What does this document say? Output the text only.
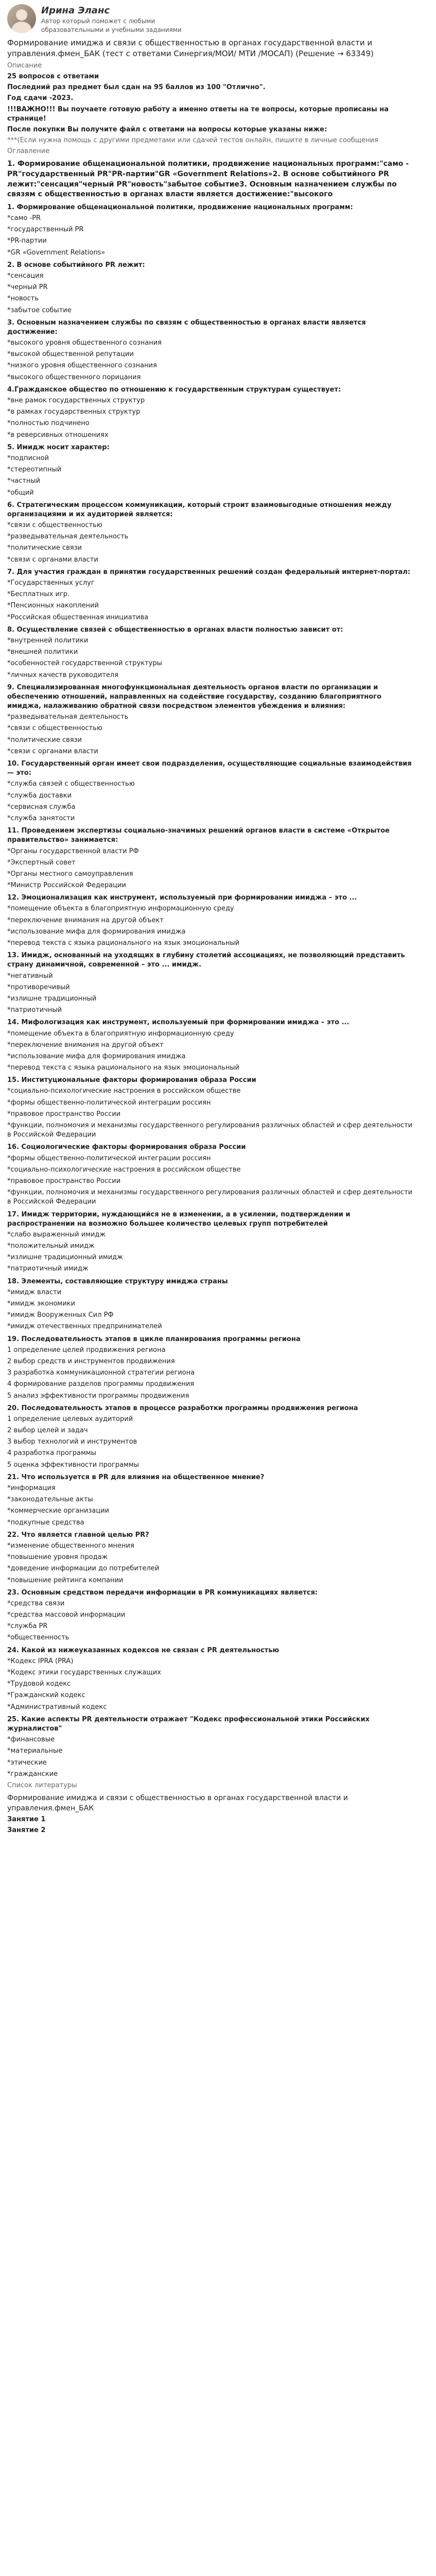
Ирина Эланс
Автор который поможет с любыми образовательными и учебными заданиями
Формирование имиджа и связи с общественностью в органах государственной власти и управления.фмен_БАК (тест с ответами Синергия/МОИ/ МТИ /МОСАП) (Решение → 63349)
Описание
25 вопросов с ответами
Последний раз предмет был сдан на 95 баллов из 100 "Отлично".
Год сдачи -2023.
!!!ВАЖНО!!! Вы поучаете готовую работу а именно ответы на те вопросы, которые прописаны на странице!
После покупки Вы получите файл с ответами на вопросы которые указаны ниже:
***(Если нужна помощь с другими предметами или сдачей тестов онлайн, пишите в личные сообщения
Оглавление
1. Формирование общенациональной политики, продвижение национальных программ:"само -PR"государственный PR"PR-партии"GR «Government Relations»2. В основе событийного PR лежит:"сенсация"черный PR"новость"забытое событие3. Основным назначением службы по связям с общественностью в органах власти является достижение:"высокого
1. Формирование общенациональной политики, продвижение национальных программ:
*само -PR
*государственный PR
*PR-партии
*GR «Government Relations»
2. В основе событийного PR лежит:
*сенсация
*черный PR
*новость
*забытое событие
3. Основным назначением службы по связям с общественностью в органах власти является достижение:
*высокого уровня общественного сознания
*высокой общественной репутации
*низкого уровня общественного сознания
*высокого общественного порицания
4.Гражданское общество по отношению к государственным структурам существует:
*вне рамок государственных структур
*в рамках государственных структур
*полностью подчинено
*в реверсивных отношениях
5. Имидж носит характер:
*подписной
*стереотипный
*частный
*общий
6. Стратегическим процессом коммуникации, который строит взаимовыгодные отношения между организациями и их аудиторией является:
*связи с общественностью
*разведывательная деятельность
*политические связи
*связи с органами власти
7. Для участия граждан в принятии государственных решений создан федеральный интернет-портал:
*Государственных услуг
*Бесплатных игр.
*Пенсионных накоплений
*Российская общественная инициатива
8. Осуществление связей с общественностью в органах власти полностью зависит от:
*внутренней политики
*внешней политики
*особенностей государственной структуры
*личных качеств руководителя
9. Специализированная многофункциональная деятельность органов власти по организации и обеспечению отношений, направленных на содействие государству, созданию благоприятного имиджа, налаживанию обратной связи посредством элементов убеждения и влияния:
*разведывательная деятельность
*связи с общественностью
*политические связи
*связи с органами власти
10. Государственный орган имеет свои подразделения, осуществляющие социальные взаимодействия — это:
*служба связей с общественностью
*служба доставки
*сервисная служба
*служба занятости
11. Проведением экспертизы социально-значимых решений органов власти в системе «Открытое правительство» занимается:
*Органы государственной власти РФ
*Экспертный совет
*Органы местного самоуправления
*Министр Российской Федерации
12. Эмоционализация как инструмент, используемый при формировании имиджа – это ...
*помещение объекта в благоприятную информационную среду
*переключение внимания на другой объект
*использование мифа для формирования имиджа
*перевод текста с языка рационального на язык эмоциональный
13. Имидж, основанный на уходящих в глубину столетий ассоциациях, не позволяющий представить страну динамичной, современной – это ... имидж.
*негативный
*противоречивый
*излишне традиционный
*патриотичный
14. Мифологизация как инструмент, используемый при формировании имиджа – это ...
*помещение объекта в благоприятную информационную среду
*переключение внимания на другой объект
*использование мифа для формирования имиджа
*перевод текста с языка рационального на язык эмоциональный
15. Институциональные факторы формирования образа России
*социально-психологические настроения в российском обществе
*формы общественно-политической интеграции россиян
*правовое пространство России
*функции, полномочия и механизмы государственного регулирования различных областей и сфер деятельности в Российской Федерации
16. Социологические факторы формирования образа России
*формы общественно-политической интеграции россиян
*социально-психологические настроения в российском обществе
*правовое пространство России
*функции, полномочия и механизмы государственного регулирования различных областей и сфер деятельности в Российской Федерации
17. Имидж территории, нуждающийся не в изменении, а в усилении, подтверждении и распространении на возможно большее количество целевых групп потребителей
*слабо выраженный имидж
*положительный имидж
*излишне традиционный имидж
*патриотичный имидж
18. Элементы, составляющие структуру имиджа страны
*имидж власти
*имидж экономики
*имидж Вооруженных Сил РФ
*имидж отечественных предпринимателей
19. Последовательность этапов в цикле планирования программы региона
1 определение целей продвижения региона
2 выбор средств и инструментов продвижения
3 разработка коммуникационной стратегии региона
4 формирование разделов программы продвижения
5 анализ эффективности программы продвижения
20. Последовательность этапов в процессе разработки программы продвижения региона
1 определение целевых аудиторий
2 выбор целей и задач
3 выбор технологий и инструментов
4 разработка программы
5 оценка эффективности программы
21. Что используется в PR для влияния на общественное мнение?
*информация
*законодательные акты
*коммерческие организации
*подкупные средства
22. Что является главной целью PR?
*изменение общественного мнения
*повышение уровня продаж
*доведение информации до потребителей
*повышение рейтинга компании
23. Основным средством передачи информации в PR коммуникациях является:
*средства связи
*средства массовой информации
*служба PR
*общественность
24. Какой из нижеуказанных кодексов не связан с PR деятельностью
*Кодекс IPRA (PRA)
*Кодекс этики государственных служащих
*Трудовой кодекс
*Гражданский кодекс
*Административный кодекс
25. Какие аспекты PR деятельности отражает "Кодекс профессиональной этики Российских журналистов"
*финансовые
*материальные
*этические
*гражданские
Список литературы
Формирование имиджа и связи с общественностью в органах государственной власти и управления.фмен_БАК
Занятие 1
Занятие 2
